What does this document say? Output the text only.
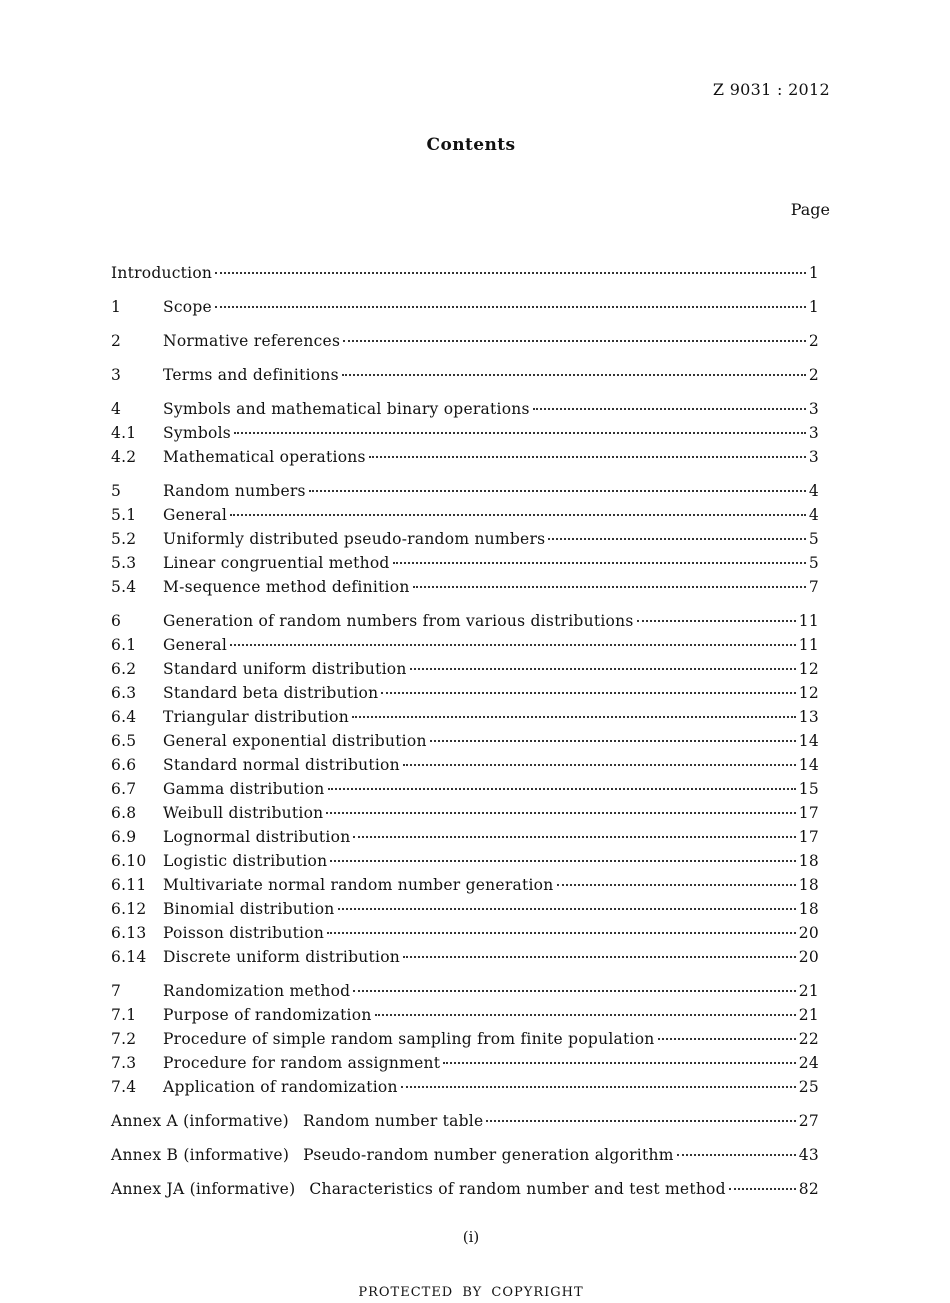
Z 9031 : 2012
Contents
Page
Introduction	1
1	Scope	1
2	Normative references	2
3	Terms and definitions	2
4	Symbols and mathematical binary operations	3
4.1	Symbols	3
4.2	Mathematical operations	3
5	Random numbers	4
5.1	General	4
5.2	Uniformly distributed pseudo-random numbers	5
5.3	Linear congruential method	5
5.4	M-sequence method definition	7
6	Generation of random numbers from various distributions	11
6.1	General	11
6.2	Standard uniform distribution	12
6.3	Standard beta distribution	12
6.4	Triangular distribution	13
6.5	General exponential distribution	14
6.6	Standard normal distribution	14
6.7	Gamma distribution	15
6.8	Weibull distribution	17
6.9	Lognormal distribution	17
6.10	Logistic distribution	18
6.11	Multivariate normal random number generation	18
6.12	Binomial distribution	18
6.13	Poisson distribution	20
6.14	Discrete uniform distribution	20
7	Randomization method	21
7.1	Purpose of randomization	21
7.2	Procedure of simple random sampling from finite population	22
7.3	Procedure for random assignment	24
7.4	Application of randomization	25
Annex A (informative) Random number table	27
Annex B (informative) Pseudo-random number generation algorithm	43
Annex JA (informative) Characteristics of random number and test method	82
(i)
PROTECTED BY COPYRIGHT
